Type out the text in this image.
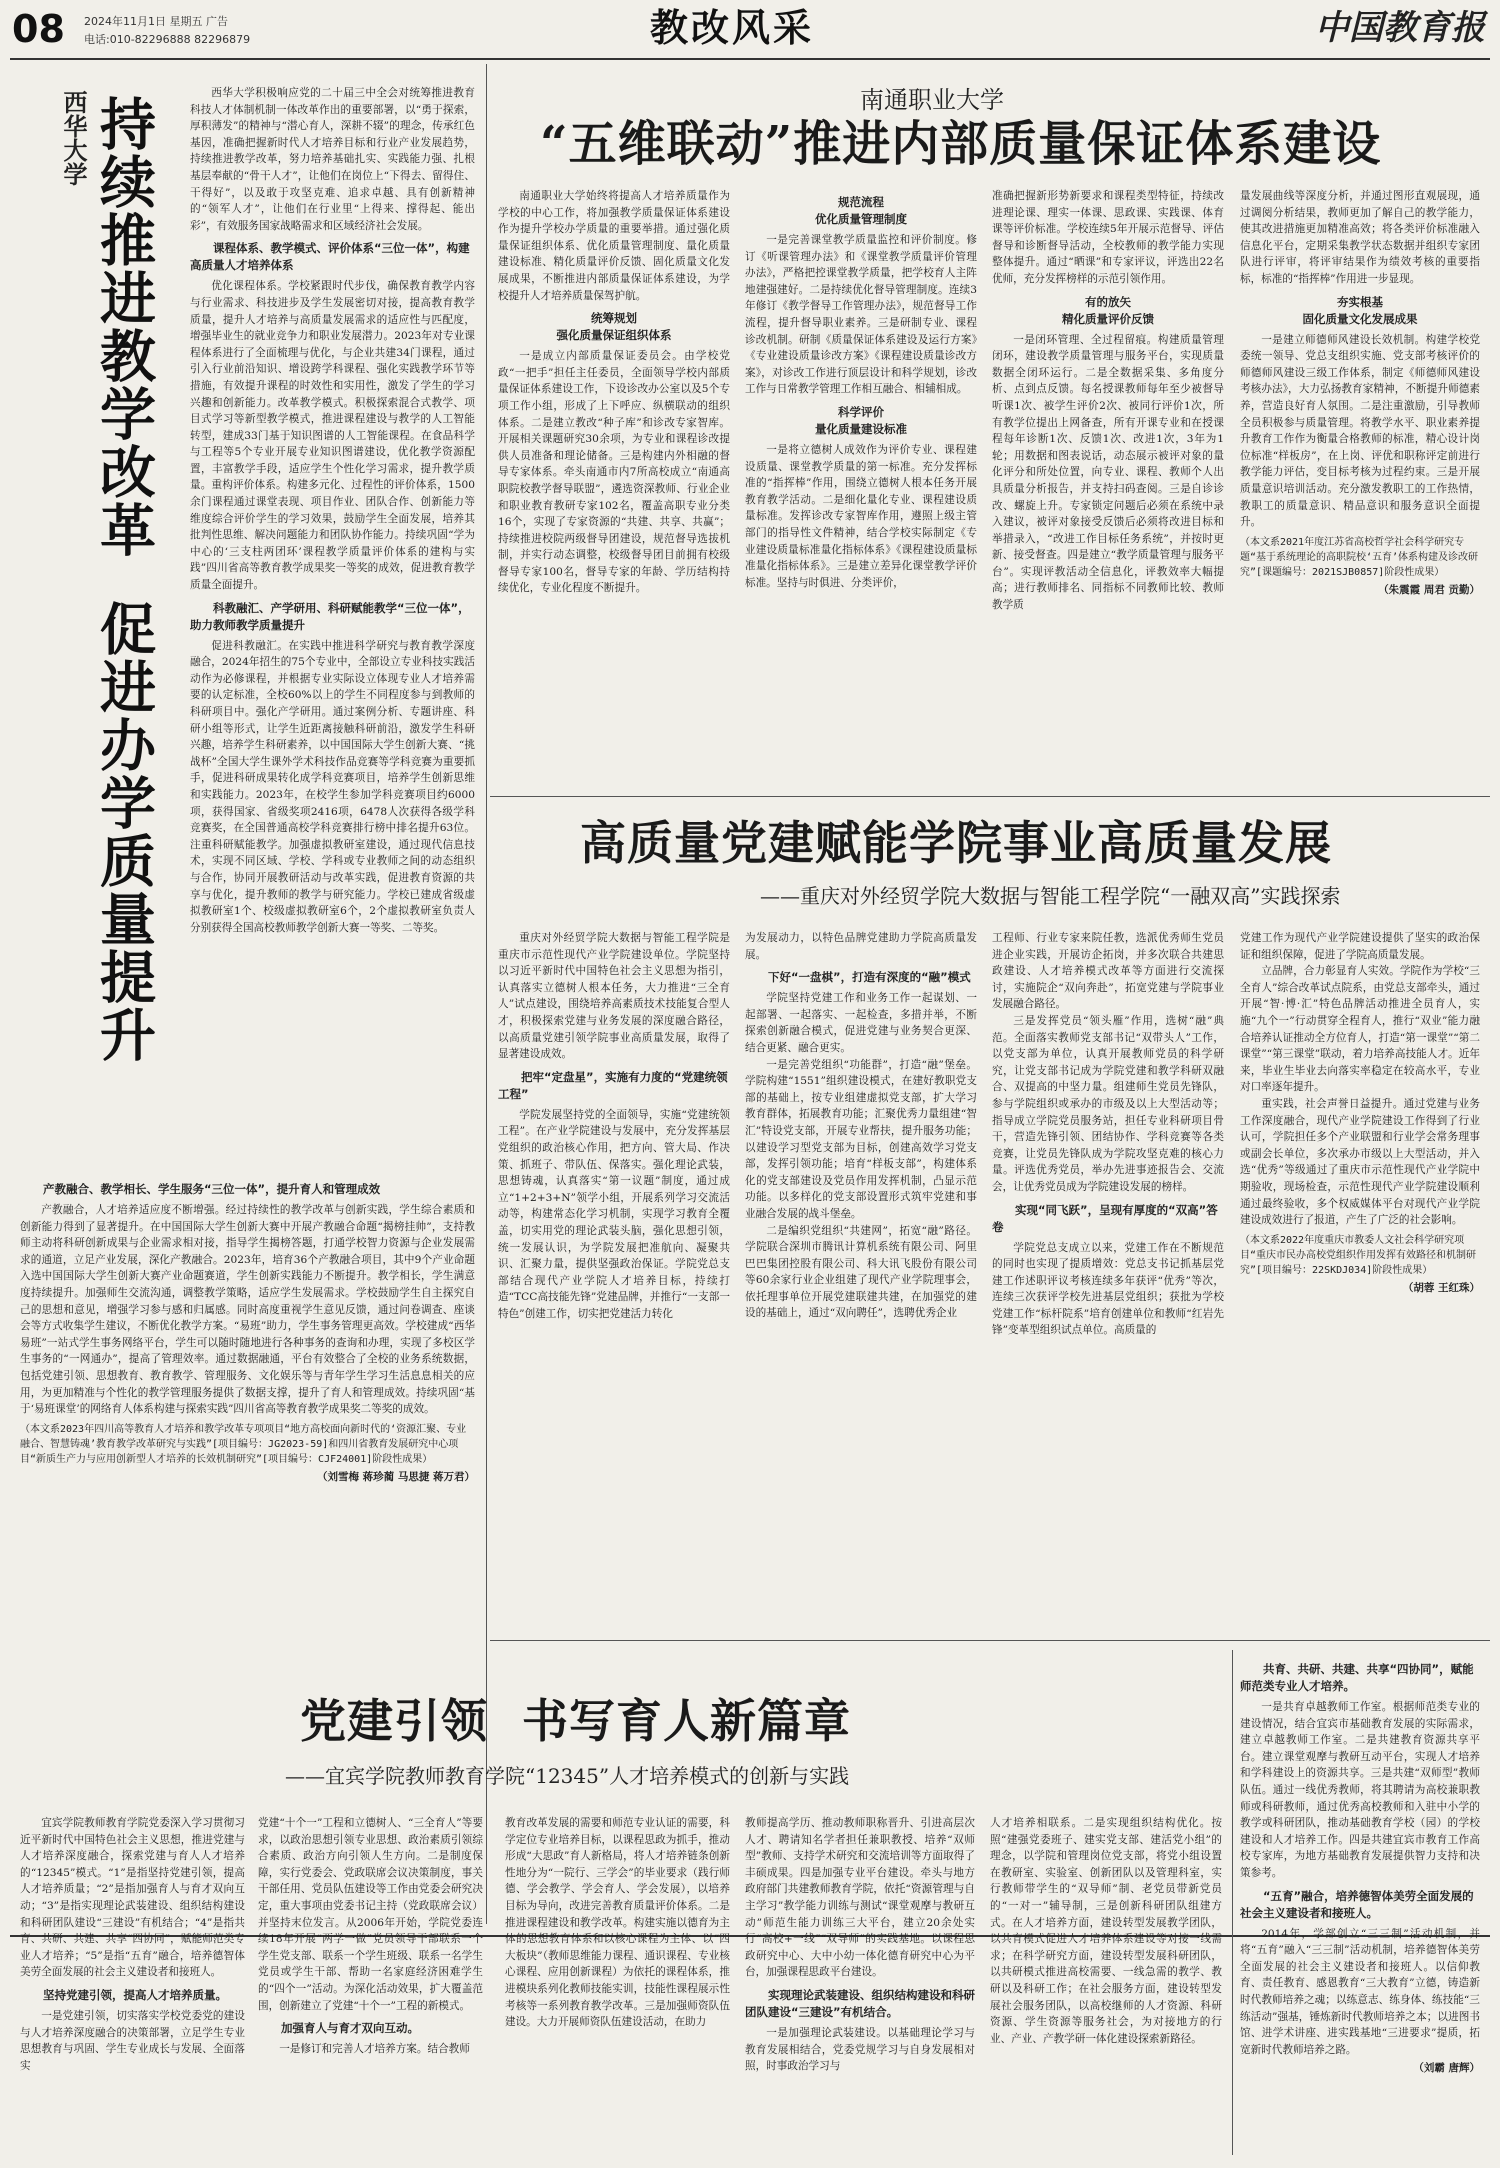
08 2024年11月1日 星期五 广告
电话:010-82296888 82296879	教改风采	中国教育报
西华大学 持续推进教学改革
促进办学质量提升

西华大学积极响应党的二十届三中全会对统筹推进教育科技人才体制机制一体改革作出的重要部署，以“勇于探索，厚积薄发”的精神与“潜心育人，深耕不辍”的理念，传承红色基因，准确把握新时代人才培养目标和行业产业发展趋势，持续推进教学改革，努力培养基础扎实、实践能力强、扎根基层奉献的“骨干人才”，让他们在岗位上“下得去、留得住、干得好”，以及敢于攻坚克难、追求卓越、具有创新精神的“领军人才”，让他们在行业里“上得来、撑得起、能出彩”，有效服务国家战略需求和区域经济社会发展。

课程体系、教学模式、评价体系“三位一体”，构建高质量人才培养体系

优化课程体系。学校紧跟时代步伐，确保教育教学内容与行业需求、科技进步及学生发展密切对接，提高教育教学质量，提升人才培养与高质量发展需求的适应性与匹配度，增强毕业生的就业竞争力和职业发展潜力。2023年对专业课程体系进行了全面梳理与优化，与企业共建34门课程，通过引入行业前沿知识、增设跨学科课程、强化实践教学环节等措施，有效提升课程的时效性和实用性，激发了学生的学习兴趣和创新能力。改革教学模式。积极探索混合式教学、项目式学习等新型教学模式，推进课程建设与教学的人工智能转型，建成33门基于知识图谱的人工智能课程。在食品科学与工程等5个专业开展专业知识图谱建设，优化教学资源配置，丰富教学手段，适应学生个性化学习需求，提升教学质量。重构评价体系。构建多元化、过程性的评价体系，1500余门课程通过课堂表现、项目作业、团队合作、创新能力等维度综合评价学生的学习效果，鼓励学生全面发展，培养其批判性思维、解决问题能力和团队协作能力。持续巩固“学为中心的‘三支柱两团环’课程教学质量评价体系的建构与实践”四川省高等教育教学成果奖一等奖的成效，促进教育教学质量全面提升。

科教融汇、产学研用、科研赋能教学“三位一体”，助力教师教学质量提升

促进科教融汇。在实践中推进科学研究与教育教学深度融合，2024年招生的75个专业中，全部设立专业科技实践活动作为必修课程，并根据专业实际设立体现专业人才培养需要的认定标准，全校60%以上的学生不同程度参与到教师的科研项目中。强化产学研用。通过案例分析、专题讲座、科研小组等形式，让学生近距离接触科研前沿，激发学生科研兴趣，培养学生科研素养，以中国国际大学生创新大赛、“挑战杯”全国大学生课外学术科技作品竞赛等学科竞赛为重要抓手，促进科研成果转化成学科竞赛项目，培养学生创新思维和实践能力。2023年，在校学生参加学科竞赛项目约6000项，获得国家、省级奖项2416项，6478人次获得各级学科竞赛奖，在全国普通高校学科竞赛排行榜中排名提升63位。注重科研赋能教学。加强虚拟教研室建设，通过现代信息技术，实现不同区域、学校、学科或专业教师之间的动态组织与合作，协同开展教研活动与改革实践，促进教育资源的共享与优化，提升教师的教学与研究能力。学校已建成省级虚拟教研室1个、校级虚拟教研室6个，2个虚拟教研室负责人分别获得全国高校教师教学创新大赛一等奖、二等奖。

产教融合、教学相长、学生服务“三位一体”，提升育人和管理成效

产教融合，人才培养适应度不断增强。经过持续性的教学改革与创新实践，学生综合素质和创新能力得到了显著提升。在中国国际大学生创新大赛中开展产教融合命题“揭榜挂帅”，支持教师主动将科研创新成果与企业需求相对接，指导学生揭榜答题，打通学校智力资源与企业发展需求的通道，立足产业发展，深化产教融合。2023年，培育36个产教融合项目，其中9个产业命题入选中国国际大学生创新大赛产业命题赛道，学生创新实践能力不断提升。教学相长，学生满意度持续提升。加强师生交流沟通，调整教学策略，适应学生发展需求。学校鼓励学生自主探究自己的思想和意见，增强学习参与感和归属感。同时高度重视学生意见反馈，通过问卷调查、座谈会等方式收集学生建议，不断优化教学方案。“易班”助力，学生事务管理更高效。学校建成“西华易班”一站式学生事务网络平台，学生可以随时随地进行各种事务的查询和办理，实现了多校区学生事务的“一网通办”，提高了管理效率。通过数据融通，平台有效整合了全校的业务系统数据，包括党建引领、思想教育、教育教学、管理服务、文化娱乐等与青年学生学习生活息息相关的应用，为更加精准与个性化的教学管理服务提供了数据支撑，提升了育人和管理成效。持续巩固“基于‘易班课堂’的网络育人体系构建与探索实践”四川省高等教育教学成果奖二等奖的成效。

（本文系2023年四川高等教育人才培养和教学改革专项项目“地方高校面向新时代的‘资源汇聚、专业融合、智慧铸魂’教育教学改革研究与实践”[项目编号：JG2023-59]和四川省教育发展研究中心项目“新质生产力与应用创新型人才培养的长效机制研究”[项目编号：CJF24001]阶段性成果）

（刘雪梅 蒋珍蔺 马思捷 蒋万君）

南通职业大学
“五维联动”推进内部质量保证体系建设

南通职业大学始终将提高人才培养质量作为学校的中心工作，将加强教学质量保证体系建设作为提升学校办学质量的重要举措。通过强化质量保证组织体系、优化质量管理制度、量化质量建设标准、精化质量评价反馈、固化质量文化发展成果，不断推进内部质量保证体系建设，为学校提升人才培养质量保驾护航。

统筹规划
强化质量保证组织体系

一是成立内部质量保证委员会。由学校党政“一把手”担任主任委员，全面领导学校内部质量保证体系建设工作，下设诊改办公室以及5个专项工作小组，形成了上下呼应、纵横联动的组织体系。二是建立教改“种子库”和诊改专家智库。开展相关课题研究30余项，为专业和课程诊改提供人员准备和理论储备。三是构建内外相融的督导专家体系。牵头南通市内7所高校成立“南通高职院校教学督导联盟”，遴选资深教师、行业企业和职业教育教研专家102名，覆盖高职专业分类16个，实现了专家资源的“共建、共享、共赢”；持续推进校院两级督导团建设，规范督导选拔机制，并实行动态调整，校级督导团目前拥有校级督导专家100名，督导专家的年龄、学历结构持续优化，专业化程度不断提升。

规范流程
优化质量管理制度

一是完善课堂教学质量监控和评价制度。修订《听课管理办法》和《课堂教学质量评价管理办法》，严格把控课堂教学质量，把学校育人主阵地建强建好。二是持续优化督导管理制度。连续3年修订《教学督导工作管理办法》，规范督导工作流程，提升督导职业素养。三是研制专业、课程诊改机制。研制《质量保证体系建设及运行方案》《专业建设质量诊改方案》《课程建设质量诊改方案》，对诊改工作进行顶层设计和科学规划，诊改工作与日常教学管理工作相互融合、相辅相成。

科学评价
量化质量建设标准

一是将立德树人成效作为评价专业、课程建设质量、课堂教学质量的第一标准。充分发挥标准的“指挥棒”作用，围绕立德树人根本任务开展教育教学活动。二是细化量化专业、课程建设质量标准。发挥诊改专家智库作用，遵照上级主管部门的指导性文件精神，结合学校实际制定《专业建设质量标准量化指标体系》《课程建设质量标准量化指标体系》。三是建立差异化课堂教学评价标准。坚持与时俱进、分类评价，

准确把握新形势新要求和课程类型特征，持续改进理论课、理实一体课、思政课、实践课、体育课等评价标准。学校连续5年开展示范督导、评估督导和诊断督导活动，全校教师的教学能力实现整体提升。通过“晒课”和专家评议，评选出22名优师，充分发挥榜样的示范引领作用。

有的放矢
精化质量评价反馈

一是闭环管理、全过程留痕。构建质量管理闭环，建设教学质量管理与服务平台，实现质量数据全闭环运行。二是全数据采集、多角度分析、点到点反馈。每名授课教师每年至少被督导听课1次、被学生评价2次、被同行评价1次，所有教学位提出上网备查，所有开课专业和在授课程每年诊断1次、反馈1次、改进1次，3年为1轮；用数据和图表说话，动态展示被评对象的量化评分和所处位置，向专业、课程、教师个人出具质量分析报告，并支持扫码查阅。三是自诊诊改、螺旋上升。专家锁定问题后必须在系统中录入建议，被评对象接受反馈后必须将改进目标和举措录入，“改进工作目标任务系统”，并按时更新、接受督查。四是建立“教学质量管理与服务平台”。实现评教活动全信息化，评教效率大幅提高；进行教师排名、同指标不同教师比较、教师教学质

量发展曲线等深度分析，并通过图形直观展现，通过调阅分析结果，教师更加了解自己的教学能力，使其改进措施更加精准高效；将各类评价标准融入信息化平台，定期采集教学状态数据并组织专家团队进行评审，将评审结果作为绩效考核的重要指标，标准的“指挥棒”作用进一步显现。

夯实根基
固化质量文化发展成果

一是建立师德师风建设长效机制。构建学校党委统一领导、党总支组织实施、党支部考核评价的师德师风建设三级工作体系，制定《师德师风建设考核办法》，大力弘扬教育家精神，不断提升师德素养，营造良好育人氛围。二是注重激励，引导教师全员积极参与质量管理。将教学水平、职业素养提升教育工作作为衡量合格教师的标准，精心设计岗位标准“样板房”，在上岗、评优和职称评定前进行教学能力评估，变目标考核为过程约束。三是开展质量意识培训活动。充分激发教职工的工作热情，教职工的质量意识、精品意识和服务意识全面提升。

（本文系2021年度江苏省高校哲学社会科学研究专题“基于系统理论的高职院校‘五育’体系构建及诊改研究”[课题编号：2021SJB0857]阶段性成果）

（朱震霞 周君 贡勤）

高质量党建赋能学院事业高质量发展
——重庆对外经贸学院大数据与智能工程学院“一融双高”实践探索

重庆对外经贸学院大数据与智能工程学院是重庆市示范性现代产业学院建设单位。学院坚持以习近平新时代中国特色社会主义思想为指引，认真落实立德树人根本任务，大力推进“三全育人”试点建设，围绕培养高素质技术技能复合型人才，积极探索党建与业务发展的深度融合路径，以高质量党建引领学院事业高质量发展，取得了显著建设成效。

把牢“定盘星”，实施有力度的“党建统领工程”

学院发展坚持党的全面领导，实施“党建统领工程”。在产业学院建设与发展中，充分发挥基层党组织的政治核心作用，把方向、管大局、作决策、抓班子、带队伍、保落实。强化理论武装，思想铸魂，认真落实“第一议题”制度，通过成立“1+2+3+N”领学小组，开展系列学习交流活动等，构建常态化学习机制，实现学习教育全覆盖，切实用党的理论武装头脑，强化思想引领，统一发展认识，为学院发展把准航向、凝聚共识、汇聚力量，提供坚强政治保证。学院党总支部结合现代产业学院人才培养目标，持续打造“TCC高技能先锋”党建品牌，并推行“一支部一特色”创建工作，切实把党建活力转化

为发展动力，以特色品牌党建助力学院高质量发展。

下好“一盘棋”，打造有深度的“融”模式

学院坚持党建工作和业务工作一起谋划、一起部署、一起落实、一起检查，多措并举，不断探索创新融合模式，促进党建与业务契合更深、结合更紧、融合更实。

一是完善党组织“功能群”，打造“融”堡垒。学院构建“1551”组织建设模式，在建好教职党支部的基础上，按专业组建虚拟党支部，扩大学习教育群体，拓展教育功能；汇聚优秀力量组建“智汇”特设党支部，开展专业帮扶，提升服务功能；以建设学习型党支部为目标，创建高效学习党支部，发挥引领功能；培育“样板支部”，构建体系化的党支部建设及党员作用发挥机制，凸显示范功能。以多样化的党支部设置形式筑牢党建和事业融合发展的战斗堡垒。

二是编织党组织“共建网”，拓宽“融”路径。学院联合深圳市腾讯计算机系统有限公司、阿里巴巴集团控股有限公司、科大讯飞股份有限公司等60余家行业企业组建了现代产业学院理事会，依托理事单位开展党建联建共建，在加强党的建设的基础上，通过“双向聘任”，选聘优秀企业

工程师、行业专家来院任教，选派优秀师生党员进企业实践，开展访企拓岗，并多次联合共建思政建设、人才培养模式改革等方面进行交流探讨，实施院企“双向奔赴”，拓宽党建与学院事业发展融合路径。

三是发挥党员“领头雁”作用，选树“融”典范。全面落实教师党支部书记“双带头人”工作，以党支部为单位，认真开展教师党员的科学研究，让党支部书记成为学院党建和教学科研双融合、双提高的中坚力量。组建师生党员先锋队，参与学院组织或承办的市级及以上大型活动等；指导成立学院党员服务站，担任专业科研项目骨干，营造先锋引领、团结协作、学科竞赛等各类竞赛，让党员先锋队成为学院攻坚克难的核心力量。评选优秀党员，举办先进事迹报告会、交流会，让优秀党员成为学院建设发展的榜样。

实现“同飞跃”，呈现有厚度的“双高”答卷

学院党总支成立以来，党建工作在不断规范的同时也实现了提质增效：党总支书记抓基层党建工作述职评议考核连续多年获评“优秀”等次，连续三次获评学校先进基层党组织；获批为学校党建工作“标杆院系”培育创建单位和教师“红岩先锋”变革型组织试点单位。高质量的

党建工作为现代产业学院建设提供了坚实的政治保证和组织保障，促进了学院高质量发展。

立品牌，合力彰显育人实效。学院作为学校“三全育人”综合改革试点院系，由党总支部牵头，通过开展“智·博·汇”特色品牌活动推进全员育人，实施“九个一”行动贯穿全程育人，推行“双业”能力融合培养认证推动全方位育人，打造“第一课堂”“第二课堂”“第三课堂”联动，着力培养高技能人才。近年来，毕业生毕业去向落实率稳定在较高水平，专业对口率逐年提升。

重实践，社会声誉日益提升。通过党建与业务工作深度融合，现代产业学院建设工作得到了行业认可，学院担任多个产业联盟和行业学会常务理事或副会长单位，多次承办市级以上大型活动，并入选“优秀”等级通过了重庆市示范性现代产业学院中期验收，现场检查，示范性现代产业学院建设顺利通过最终验收，多个权威媒体平台对现代产业学院建设成效进行了报道，产生了广泛的社会影响。

（本文系2022年度重庆市教委人文社会科学研究项目“重庆市民办高校党组织作用发挥有效路径和机制研究”[项目编号：22SKDJ034]阶段性成果）

（胡蓉 王红珠）

党建引领  书写育人新篇章
——宜宾学院教师教育学院“12345”人才培养模式的创新与实践

宜宾学院教师教育学院党委深入学习贯彻习近平新时代中国特色社会主义思想，推进党建与人才培养深度融合，探索党建与育人人才培养的“12345”模式。“1”是指坚持党建引领，提高人才培养质量；“2”是指加强育人与育才双向互动；“3”是指实现理论武装建设、组织结构建设和科研团队建设“三建设”有机结合；“4”是指共育、共研、共建、共享“四协同”，赋能师范类专业人才培养；“5”是指“五育”融合，培养德智体美劳全面发展的社会主义建设者和接班人。

坚持党建引领，提高人才培养质量。

一是党建引领，切实落实学校党委党的建设与人才培养深度融合的决策部署，立足学生专业思想教育与巩固、学生专业成长与发展、全面落实

党建“十个一”工程和立德树人、“三全育人”等要求，以政治思想引领专业思想、政治素质引领综合素质、政治方向引领人生方向。二是制度保障，实行党委会、党政联席会议决策制度，事关干部任用、党员队伍建设等工作由党委会研究决定，重大事项由党委书记主持（党政联席会议）并坚持末位发言。从2006年开始，学院党委连续18年开展“两学一做”党员领导干部联系一个学生党支部、联系一个学生班级、联系一名学生党员或学生干部、帮助一名家庭经济困难学生的“四个一”活动。为深化活动效果，扩大覆盖范围，创新建立了党建“十个一”工程的新模式。

加强育人与育才双向互动。

一是修订和完善人才培养方案。结合教师

教育改革发展的需要和师范专业认证的需要，科学定位专业培养目标，以课程思政为抓手，推动形成“大思政”育人新格局，将人才培养链条创新性地分为“一院行、三学会”的毕业要求（践行师德、学会教学、学会育人、学会发展），以培养目标为导向，改进完善教育质量评价体系。二是推进课程建设和教学改革。构建实施以德育为主体的思想教育体系和以核心课程为主体、以“四大板块”（教师思维能力课程、通识课程、专业核心课程、应用创新课程）为依托的课程体系，推进模块系列化教师技能实训，技能性课程展示性考核等一系列教育教学改革。三是加强师资队伍建设。大力开展师资队伍建设活动，在助力

教师提高学历、推动教师职称晋升、引进高层次人才、聘请知名学者担任兼职教授、培养“双师型”教师、支持学术研究和交流培训等方面取得了丰硕成果。四是加强专业平台建设。牵头与地方政府部门共建教师教育学院，依托“资源管理与自主学习”教学能力训练与测试“课堂观摩与教研互动”师范生能力训练三大平台，建立20余处实行“高校+一线”“双导师”的实践基地。以课程思政研究中心、大中小幼一体化德育研究中心为平台，加强课程思政平台建设。

实现理论武装建设、组织结构建设和科研团队建设“三建设”有机结合。

一是加强理论武装建设。以基础理论学习与教育发展相结合，党委党规学习与自身发展相对照，时事政治学习与

人才培养相联系。二是实现组织结构优化。按照“建强党委班子、建实党支部、建活党小组”的理念，以学院和管理岗位党支部，将党小组设置在教研室、实验室、创新团队以及管理科室，实行教师带学生的“双导师”制、老党员带新党员的“一对一”辅导制，三是创新科研团队组建方式。在人才培养方面，建设转型发展教学团队，以共育模式促进人才培养体系建设等对接一线需求；在科学研究方面，建设转型发展科研团队，以共研模式推进高校需要、一线急需的教学、教研以及科研工作；在社会服务方面，建设转型发展社会服务团队，以高校继师的人才资源、科研资源、学生资源等服务社会，为对接地方的行业、产业、产教学研一体化建设探索新路径。

共育、共研、共建、共享“四协同”，赋能师范类专业人才培养。

一是共育卓越教师工作室。根据师范类专业的建设情况，结合宜宾市基础教育发展的实际需求，建立卓越教师工作室。二是共建教育资源共享平台。建立课堂观摩与教研互动平台，实现人才培养和学科建设上的资源共享。三是共建“双师型”教师队伍。通过一线优秀教师，将其聘请为高校兼职教师或科研教师，通过优秀高校教师和入驻中小学的教学或科研团队，推动基础教育学校（园）的学校建设和人才培养工作。四是共建宜宾市教育工作高校专家库，为地方基础教育发展提供智力支持和决策参考。

“五育”融合，培养德智体美劳全面发展的社会主义建设者和接班人。

2014年，学部创立“三三制”活动机制，并将“五育”融入“三三制”活动机制，培养德智体美劳全面发展的社会主义建设者和接班人。以信仰教育、责任教育、感恩教育“三大教育”立德，铸造新时代教师培养之魂；以练意志、练身体、练技能“三练活动”强基，锤炼新时代教师培养之本；以进图书馆、进学术讲座、进实践基地“三进要求”提质，拓宽新时代教师培养之路。

（刘霸 唐辉）
